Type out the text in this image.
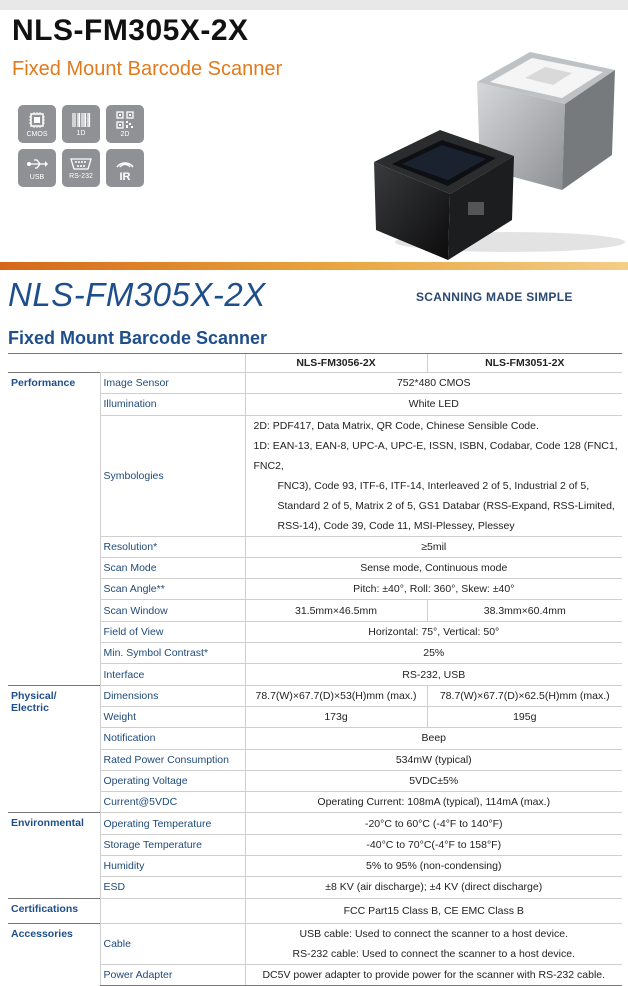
NLS-FM305X-2X
Fixed Mount Barcode Scanner
CMOS	1D	2D
USB	RS-232 IR
NLS-FM305X-2X	SCANNING MADE SIMPLE
Fixed Mount Barcode Scanner
		NLS-FM3056-2X	NLS-FM3051-2X
Performance	Image Sensor	752*480 CMOS	
	Illumination	White LED	
	Symbologies	2D: PDF417, Data Matrix, QR Code, Chinese Sensible Code.
1D: EAN-13, EAN-8, UPC-A, UPC-E, ISSN, ISBN, Codabar, Code 128 (FNC1, FNC2,
FNC3), Code 93, ITF-6, ITF-14, Interleaved 2 of 5, Industrial 2 of 5,
Standard 2 of 5, Matrix 2 of 5, GS1 Databar (RSS-Expand, RSS-Limited,
RSS-14), Code 39, Code 11, MSI-Plessey, Plessey	

	Resolution*	≥5mil	
	Scan Mode	Sense mode, Continuous mode	
	Scan Angle**	Pitch: ±40°, Roll: 360°, Skew: ±40°	
	Scan Window	31.5mm×46.5mm	38.3mm×60.4mm
	Field of View	Horizontal: 75°, Vertical: 50°	
	Min. Symbol Contrast*	25%	
	Interface	RS-232, USB	
Physical/ Electric	Dimensions	78.7(W)×67.7(D)×53(H)mm (max.)	78.7(W)×67.7(D)×62.5(H)mm (max.)
	Weight	173g	195g
	Notification	Beep	
	Rated Power Consumption	534mW (typical)	
	Operating Voltage	5VDC±5%	
	Current@5VDC	Operating Current: 108mA (typical), 114mA (max.)	
Environmental	Operating Temperature	-20°C to 60°C (-4°F to 140°F)	
	Storage Temperature	-40°C to 70°C(-4°F to 158°F)	
	Humidity	5% to 95% (non-condensing)	
	ESD	±8 KV (air discharge); ±4 KV (direct discharge)	
Certifications		FCC Part15 Class B, CE EMC Class B	
Accessories	Cable	USB cable: Used to connect the scanner to a host device.
RS-232 cable: Used to connect the scanner to a host device.	

	Power Adapter	DC5V power adapter to provide power for the scanner with RS-232 cable.	
